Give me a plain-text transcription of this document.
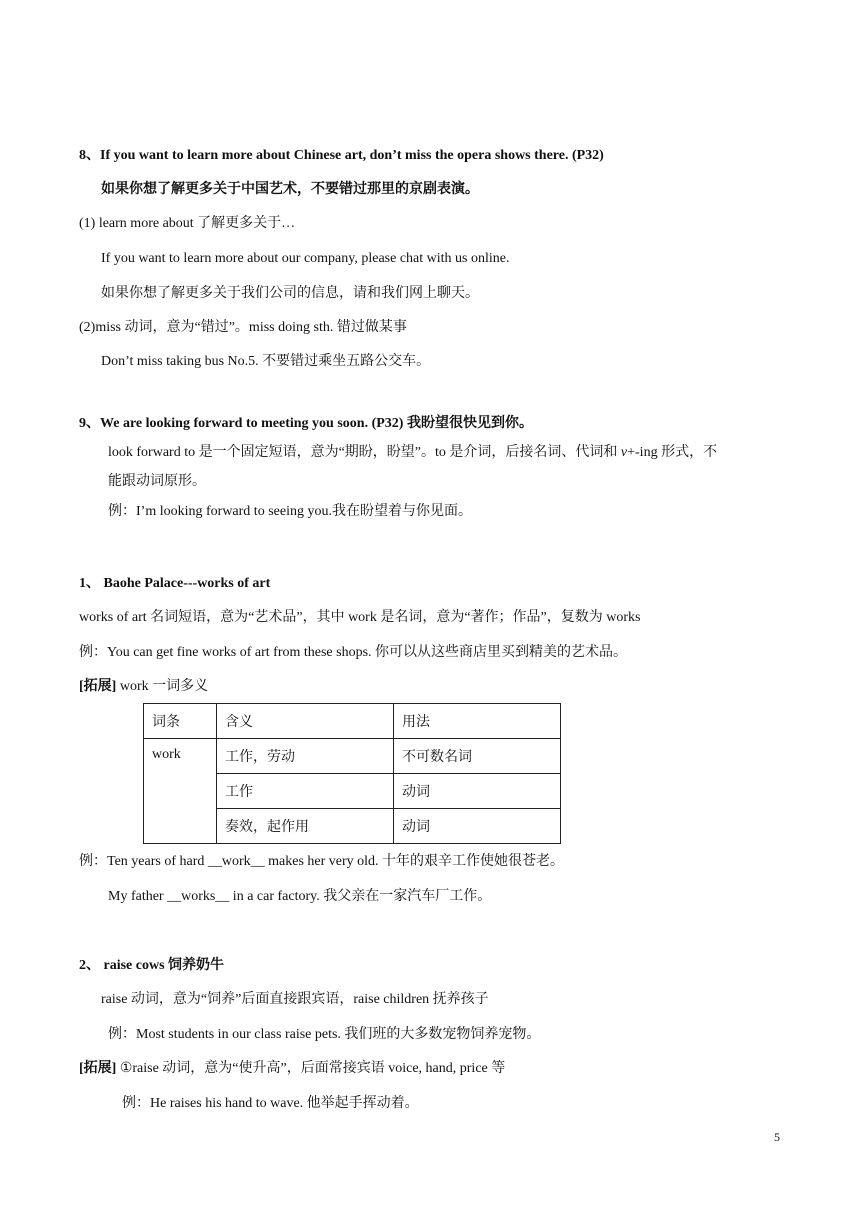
8、If you want to learn more about Chinese art, don’t miss the opera shows there. (P32)
如果你想了解更多关于中国艺术，不要错过那里的京剧表演。
(1) learn more about 了解更多关于…
If you want to learn more about our company, please chat with us online.
如果你想了解更多关于我们公司的信息，请和我们网上聊天。
(2)miss 动词，意为“错过”。miss doing sth. 错过做某事
Don’t miss taking bus No.5. 不要错过乘坐五路公交车。
9、We are looking forward to meeting you soon. (P32) 我盼望很快见到你。
look forward to 是一个固定短语，意为“期盼，盼望”。to 是介词，后接名词、代词和 v+-ing 形式，不
能跟动词原形。
例：I’m looking forward to seeing you.我在盼望着与你见面。
1、 Baohe Palace---works of art
works of art 名词短语，意为“艺术品”，其中 work 是名词，意为“著作；作品”，复数为 works
例：You can get fine works of art from these shops. 你可以从这些商店里买到精美的艺术品。
[拓展] work 一词多义
词条	含义	用法
work	工作，劳动	不可数名词
	工作	动词
	奏效，起作用	动词
例：Ten years of hard __work__ makes her very old. 十年的艰辛工作使她很苍老。
My father __works__ in a car factory. 我父亲在一家汽车厂工作。
2、 raise cows 饲养奶牛
raise 动词，意为“饲养”后面直接跟宾语，raise children 抚养孩子
例：Most students in our class raise pets. 我们班的大多数宠物饲养宠物。
[拓展] ①raise 动词，意为“使升高”，后面常接宾语 voice, hand, price 等
例：He raises his hand to wave. 他举起手挥动着。
5
